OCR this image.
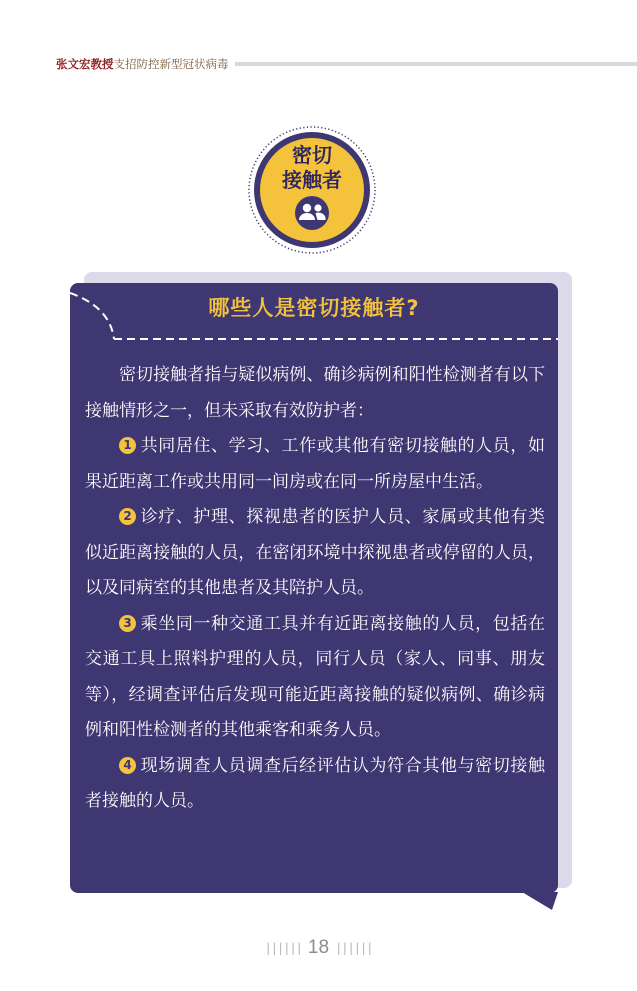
张文宏教授支招防控新型冠状病毒
密切
接触者
哪些人是密切接触者?

密切接触者指与疑似病例、确诊病例和阳性检测者有以下接触情形之一，但未采取有效防护者：

1 共同居住、学习、工作或其他有密切接触的人员，如果近距离工作或共用同一间房或在同一所房屋中生活。

2 诊疗、护理、探视患者的医护人员、家属或其他有类似近距离接触的人员，在密闭环境中探视患者或停留的人员，以及同病室的其他患者及其陪护人员。

3 乘坐同一种交通工具并有近距离接触的人员，包括在交通工具上照料护理的人员，同行人员（家人、同事、朋友等），经调查评估后发现可能近距离接触的疑似病例、确诊病例和阳性检测者的其他乘客和乘务人员。

4 现场调查人员调查后经评估认为符合其他与密切接触者接触的人员。

|||||| 18 ||||||
